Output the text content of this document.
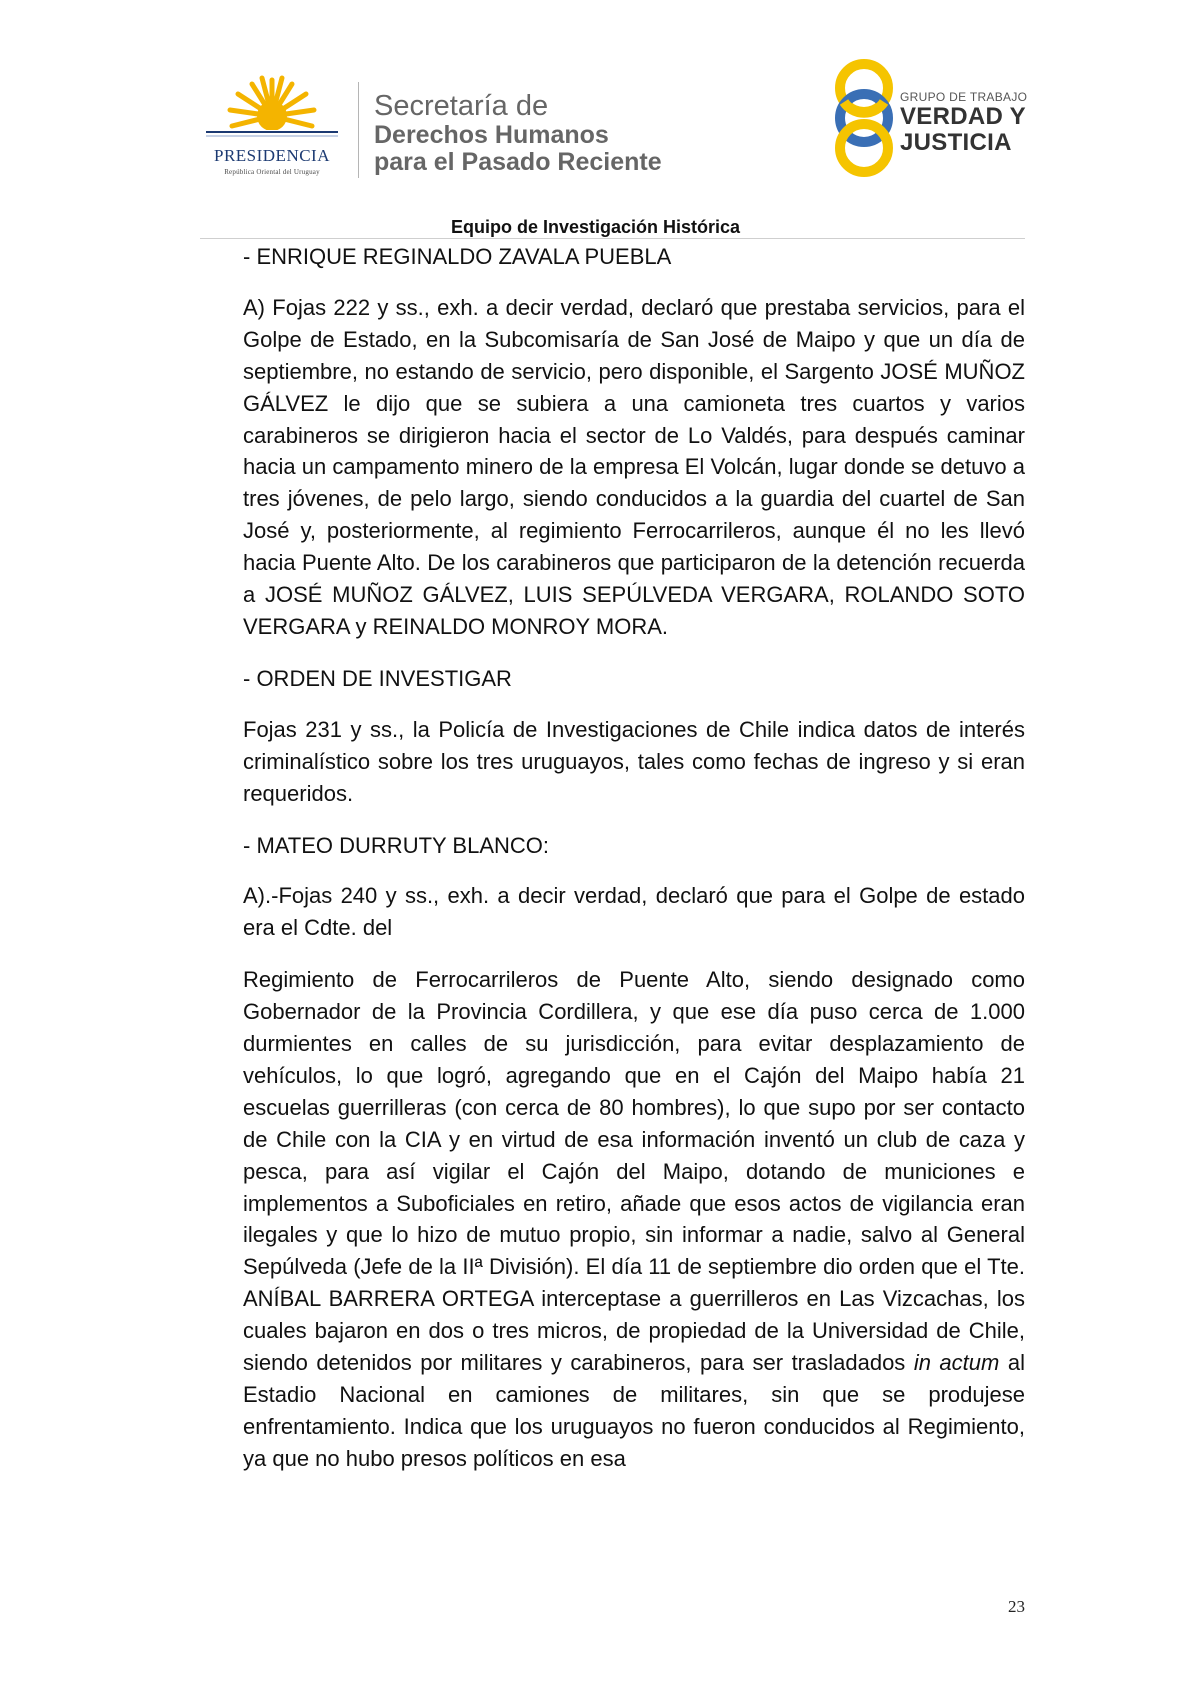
PRESIDENCIA
República Oriental del Uruguay
Secretaría de
Derechos Humanos
para el Pasado Reciente
GRUPO DE TRABAJO
VERDAD Y
JUSTICIA
Equipo de Investigación Histórica

- ENRIQUE REGINALDO ZAVALA PUEBLA

A) Fojas 222 y ss., exh. a decir verdad, declaró que prestaba servicios, para el Golpe de Estado, en la Subcomisaría de San José de Maipo y que un día de septiembre, no estando de servicio, pero disponible, el Sargento JOSÉ MUÑOZ GÁLVEZ le dijo que se subiera a una camioneta tres cuartos y varios carabineros se dirigieron hacia el sector de Lo Valdés, para después caminar hacia un campamento minero de la empresa El Volcán, lugar donde se detuvo a tres jóvenes, de pelo largo, siendo conducidos a la guardia del cuartel de San José y, posteriormente, al regimiento Ferrocarrileros, aunque él no les llevó hacia Puente Alto. De los carabineros que participaron de la detención recuerda a JOSÉ MUÑOZ GÁLVEZ, LUIS SEPÚLVEDA VERGARA, ROLANDO SOTO VERGARA y REINALDO MONROY MORA.

- ORDEN DE INVESTIGAR

Fojas 231 y ss., la Policía de Investigaciones de Chile indica datos de interés criminalístico sobre los tres uruguayos, tales como fechas de ingreso y si eran requeridos.

- MATEO DURRUTY BLANCO:

A).-Fojas 240 y ss., exh. a decir verdad, declaró que para el Golpe de estado era el Cdte. del

Regimiento de Ferrocarrileros de Puente Alto, siendo designado como Gobernador de la Provincia Cordillera, y que ese día puso cerca de 1.000 durmientes en calles de su jurisdicción, para evitar desplazamiento de vehículos, lo que logró, agregando que en el Cajón del Maipo había 21 escuelas guerrilleras (con cerca de 80 hombres), lo que supo por ser contacto de Chile con la CIA y en virtud de esa información inventó un club de caza y pesca, para así vigilar el Cajón del Maipo, dotando de municiones e implementos a Suboficiales en retiro, añade que esos actos de vigilancia eran ilegales y que lo hizo de mutuo propio, sin informar a nadie, salvo al General Sepúlveda (Jefe de la IIª División). El día 11 de septiembre dio orden que el Tte. ANÍBAL BARRERA ORTEGA interceptase a guerrilleros en Las Vizcachas, los cuales bajaron en dos o tres micros, de propiedad de la Universidad de Chile, siendo detenidos por militares y carabineros, para ser trasladados in actum al Estadio Nacional en camiones de militares, sin que se produjese enfrentamiento. Indica que los uruguayos no fueron conducidos al Regimiento, ya que no hubo presos políticos en esa

23
